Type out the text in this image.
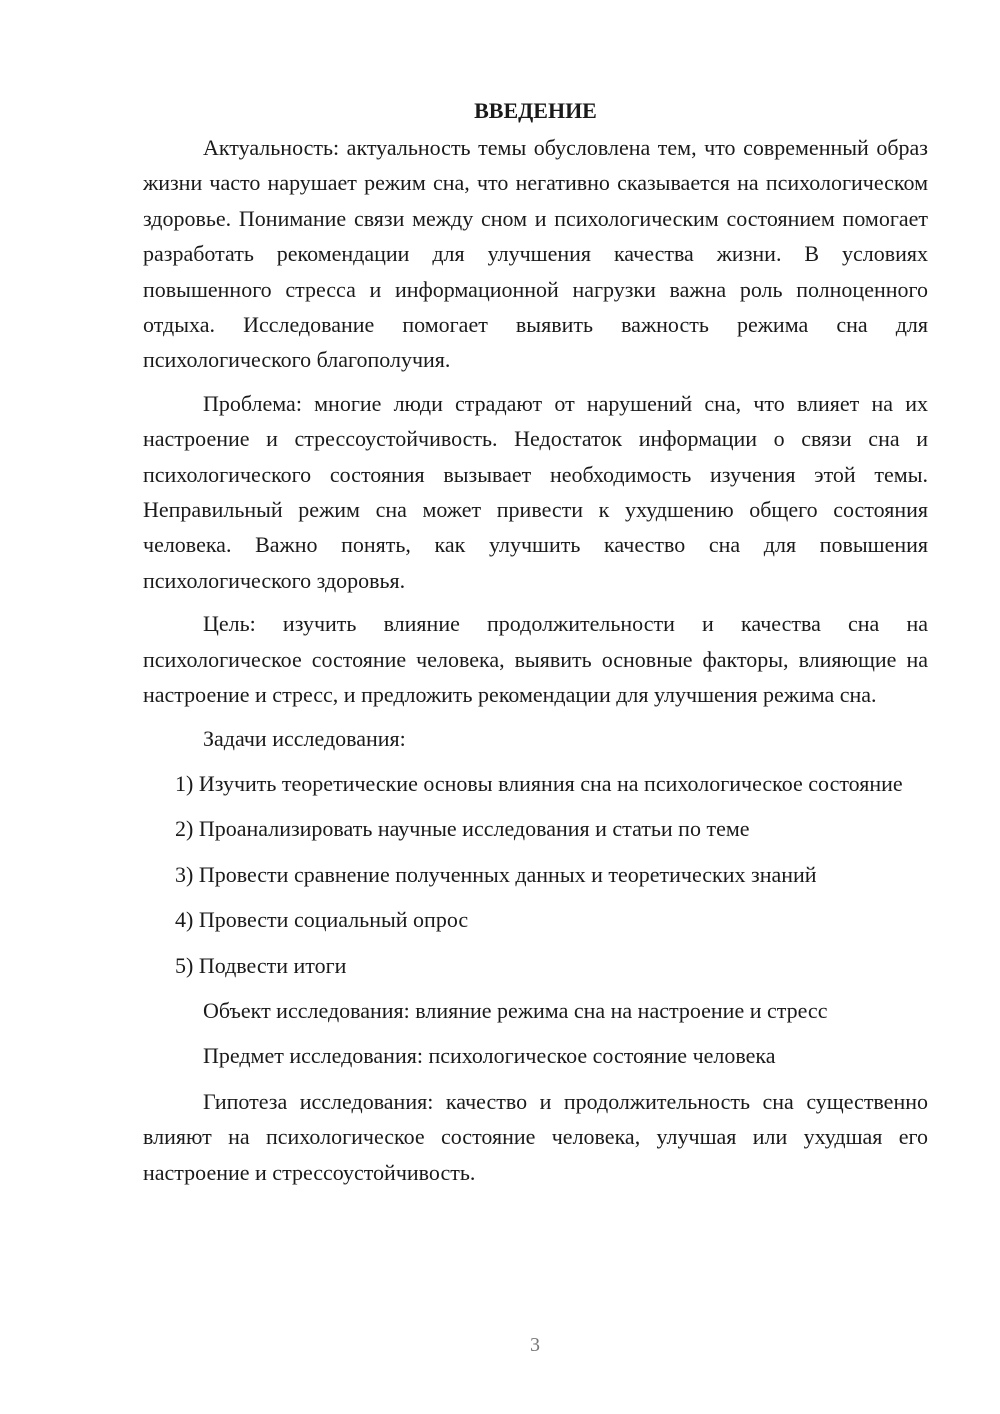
ВВЕДЕНИЕ

Актуальность: актуальность темы обусловлена тем, что современный образ жизни часто нарушает режим сна, что негативно сказывается на психологическом здоровье. Понимание связи между сном и психологическим состоянием помогает разработать рекомендации для улучшения качества жизни. В условиях повышенного стресса и информационной нагрузки важна роль полноценного отдыха. Исследование помогает выявить важность режима сна для психологического благополучия.

Проблема: многие люди страдают от нарушений сна, что влияет на их настроение и стрессоустойчивость. Недостаток информации о связи сна и психологического состояния вызывает необходимость изучения этой темы. Неправильный режим сна может привести к ухудшению общего состояния человека. Важно понять, как улучшить качество сна для повышения психологического здоровья.

Цель: изучить влияние продолжительности и качества сна на психологическое состояние человека, выявить основные факторы, влияющие на настроение и стресс, и предложить рекомендации для улучшения режима сна.

Задачи исследования:

1) Изучить теоретические основы влияния сна на психологическое состояние

2) Проанализировать научные исследования и статьи по теме

3) Провести сравнение полученных данных и теоретических знаний

4) Провести социальный опрос

5) Подвести итоги

Объект исследования: влияние режима сна на настроение и стресс

Предмет исследования: психологическое состояние человека

Гипотеза исследования: качество и продолжительность сна существенно влияют на психологическое состояние человека, улучшая или ухудшая его настроение и стрессоустойчивость.

3
